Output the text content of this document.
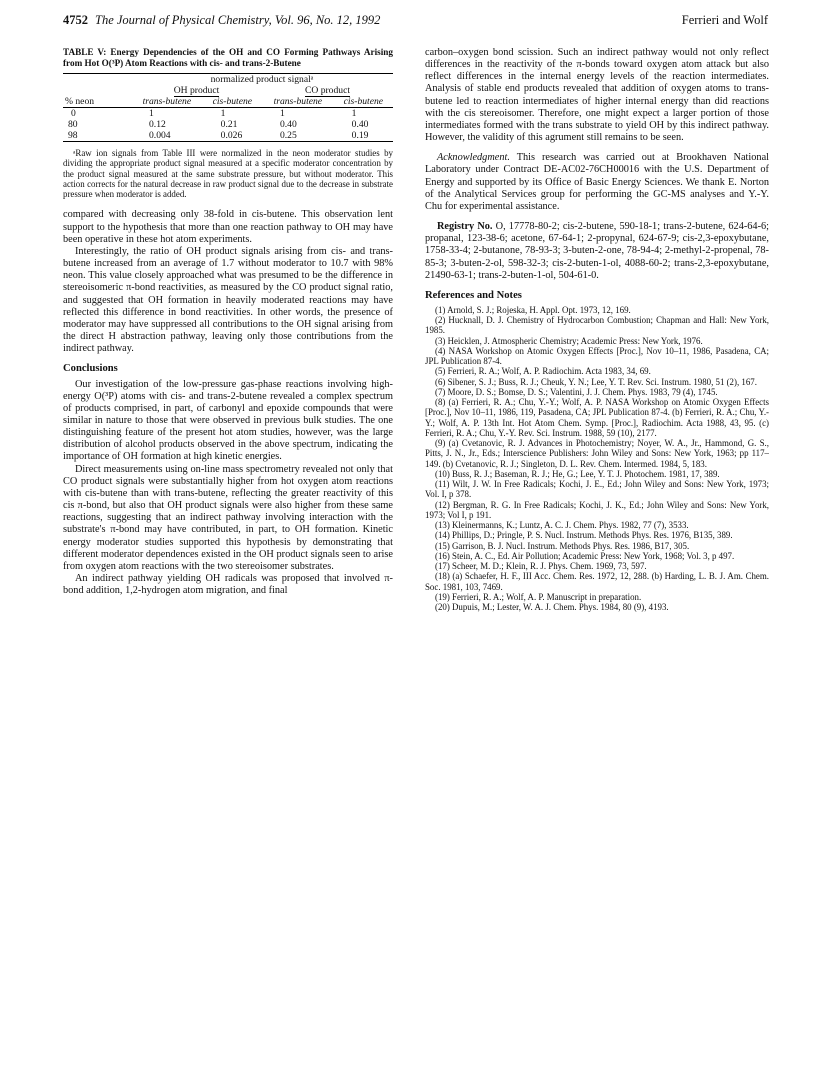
4752 The Journal of Physical Chemistry, Vol. 96, No. 12, 1992	Ferrieri and Wolf

TABLE V: Energy Dependencies of the OH and CO Forming Pathways Arising from Hot O(³P) Atom Reactions with cis- and trans-2-Butene

	normalized product signalᵃ			
	OH product		CO product	
% neon	trans-butene	cis-butene	trans-butene	cis-butene
0	1	1	1	1
80	0.12	0.21	0.40	0.40
98	0.004	0.026	0.25	0.19

ᵃRaw ion signals from Table III were normalized in the neon moderator studies by dividing the appropriate product signal measured at a specific moderator concentration by the product signal measured at the same substrate pressure, but without moderator. This action corrects for the natural decrease in raw product signal due to the decrease in substrate pressure when moderator is added.

compared with decreasing only 38-fold in cis-butene. This observation lent support to the hypothesis that more than one reaction pathway to OH may have been operative in these hot atom experiments.

Interestingly, the ratio of OH product signals arising from cis- and trans-butene increased from an average of 1.7 without moderator to 10.7 with 98% neon. This value closely approached what was presumed to be the difference in stereoisomeric π-bond reactivities, as measured by the CO product signal ratio, and suggested that OH formation in heavily moderated reactions may have reflected this difference in bond reactivities. In other words, the presence of moderator may have suppressed all contributions to the OH signal arising from the direct H abstraction pathway, leaving only those contributions from the indirect pathway.

Conclusions

Our investigation of the low-pressure gas-phase reactions involving high-energy O(³P) atoms with cis- and trans-2-butene revealed a complex spectrum of products comprised, in part, of carbonyl and epoxide compounds that were similar in nature to those that were observed in previous bulk studies. The one distinguishing feature of the present hot atom studies, however, was the large distribution of alcohol products observed in the above spectrum, indicating the importance of OH formation at high kinetic energies.

Direct measurements using on-line mass spectrometry revealed not only that CO product signals were substantially higher from hot oxygen atom reactions with cis-butene than with trans-butene, reflecting the greater reactivity of this cis π-bond, but also that OH product signals were also higher from these same reactions, suggesting that an indirect pathway involving interaction with the substrate's π-bond may have contributed, in part, to OH formation. Kinetic energy moderator studies supported this hypothesis by demonstrating that different moderator dependences existed in the OH product signals seen to arise from oxygen atom reactions with the two stereoisomer substrates.

An indirect pathway yielding OH radicals was proposed that involved π-bond addition, 1,2-hydrogen atom migration, and final

carbon–oxygen bond scission. Such an indirect pathway would not only reflect differences in the reactivity of the π-bonds toward oxygen atom attack but also reflect differences in the internal energy levels of the reaction intermediates. Analysis of stable end products revealed that addition of oxygen atoms to trans-butene led to reaction intermediates of higher internal energy than did reactions with the cis stereoisomer. Therefore, one might expect a larger portion of those intermediates formed with the trans substrate to yield OH by this indirect pathway. However, the validity of this agrument still remains to be seen.

Acknowledgment. This research was carried out at Brookhaven National Laboratory under Contract DE-AC02-76CH00016 with the U.S. Department of Energy and supported by its Office of Basic Energy Sciences. We thank E. Norton of the Analytical Services group for performing the GC-MS analyses and Y.-Y. Chu for experimental assistance.

Registry No. O, 17778-80-2; cis-2-butene, 590-18-1; trans-2-butene, 624-64-6; propanal, 123-38-6; acetone, 67-64-1; 2-propynal, 624-67-9; cis-2,3-epoxybutane, 1758-33-4; 2-butanone, 78-93-3; 3-buten-2-one, 78-94-4; 2-methyl-2-propenal, 78-85-3; 3-buten-2-ol, 598-32-3; cis-2-buten-1-ol, 4088-60-2; trans-2,3-epoxybutane, 21490-63-1; trans-2-buten-1-ol, 504-61-0.

References and Notes

(1) Arnold, S. J.; Rojeska, H. Appl. Opt. 1973, 12, 169.

(2) Hucknall, D. J. Chemistry of Hydrocarbon Combustion; Chapman and Hall: New York, 1985.

(3) Heicklen, J. Atmospheric Chemistry; Academic Press: New York, 1976.

(4) NASA Workshop on Atomic Oxygen Effects [Proc.], Nov 10–11, 1986, Pasadena, CA; JPL Publication 87-4.

(5) Ferrieri, R. A.; Wolf, A. P. Radiochim. Acta 1983, 34, 69.

(6) Sibener, S. J.; Buss, R. J.; Cheuk, Y. N.; Lee, Y. T. Rev. Sci. Instrum. 1980, 51 (2), 167.

(7) Moore, D. S.; Bomse, D. S.; Valentini, J. J. Chem. Phys. 1983, 79 (4), 1745.

(8) (a) Ferrieri, R. A.; Chu, Y.-Y.; Wolf, A. P. NASA Workshop on Atomic Oxygen Effects [Proc.], Nov 10–11, 1986, 119, Pasadena, CA; JPL Publication 87-4. (b) Ferrieri, R. A.; Chu, Y.-Y.; Wolf, A. P. 13th Int. Hot Atom Chem. Symp. [Proc.], Radiochim. Acta 1988, 43, 95. (c) Ferrieri, R. A.; Chu, Y.-Y. Rev. Sci. Instrum. 1988, 59 (10), 2177.

(9) (a) Cvetanovic, R. J. Advances in Photochemistry; Noyer, W. A., Jr., Hammond, G. S., Pitts, J. N., Jr., Eds.; Interscience Publishers: John Wiley and Sons: New York, 1963; pp 117–149. (b) Cvetanovic, R. J.; Singleton, D. L. Rev. Chem. Intermed. 1984, 5, 183.

(10) Buss, R. J.; Baseman, R. J.; He, G.; Lee, Y. T. J. Photochem. 1981, 17, 389.

(11) Wilt, J. W. In Free Radicals; Kochi, J. E., Ed.; John Wiley and Sons: New York, 1973; Vol. I, p 378.

(12) Bergman, R. G. In Free Radicals; Kochi, J. K., Ed.; John Wiley and Sons: New York, 1973; Vol I, p 191.

(13) Kleinermanns, K.; Luntz, A. C. J. Chem. Phys. 1982, 77 (7), 3533.

(14) Phillips, D.; Pringle, P. S. Nucl. Instrum. Methods Phys. Res. 1976, B135, 389.

(15) Garrison, B. J. Nucl. Instrum. Methods Phys. Res. 1986, B17, 305.

(16) Stein, A. C., Ed. Air Pollution; Academic Press: New York, 1968; Vol. 3, p 497.

(17) Scheer, M. D.; Klein, R. J. Phys. Chem. 1969, 73, 597.

(18) (a) Schaefer, H. F., III Acc. Chem. Res. 1972, 12, 288. (b) Harding, L. B. J. Am. Chem. Soc. 1981, 103, 7469.

(19) Ferrieri, R. A.; Wolf, A. P. Manuscript in preparation.

(20) Dupuis, M.; Lester, W. A. J. Chem. Phys. 1984, 80 (9), 4193.
